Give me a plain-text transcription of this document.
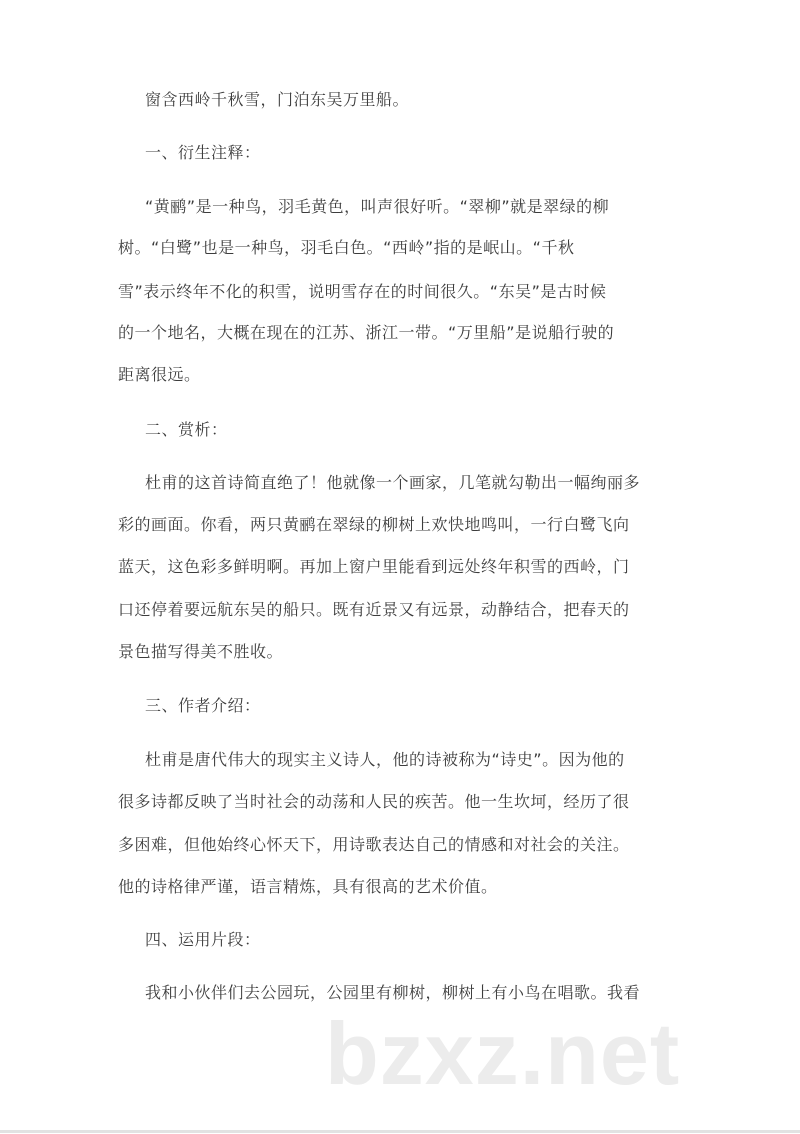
窗含西岭千秋雪，门泊东吴万里船。
一、衍生注释：
“黄鹂”是一种鸟，羽毛黄色，叫声很好听。“翠柳”就是翠绿的柳
树。“白鹭”也是一种鸟，羽毛白色。“西岭”指的是岷山。“千秋
雪”表示终年不化的积雪，说明雪存在的时间很久。“东吴”是古时候
的一个地名，大概在现在的江苏、浙江一带。“万里船”是说船行驶的
距离很远。
二、赏析：
杜甫的这首诗简直绝了！他就像一个画家，几笔就勾勒出一幅绚丽多
彩的画面。你看，两只黄鹂在翠绿的柳树上欢快地鸣叫，一行白鹭飞向
蓝天，这色彩多鲜明啊。再加上窗户里能看到远处终年积雪的西岭，门
口还停着要远航东吴的船只。既有近景又有远景，动静结合，把春天的
景色描写得美不胜收。
三、作者介绍：
杜甫是唐代伟大的现实主义诗人，他的诗被称为“诗史”。因为他的
很多诗都反映了当时社会的动荡和人民的疾苦。他一生坎坷，经历了很
多困难，但他始终心怀天下，用诗歌表达自己的情感和对社会的关注。
他的诗格律严谨，语言精炼，具有很高的艺术价值。
四、运用片段：
我和小伙伴们去公园玩，公园里有柳树，柳树上有小鸟在唱歌。我看
bzxz.net
